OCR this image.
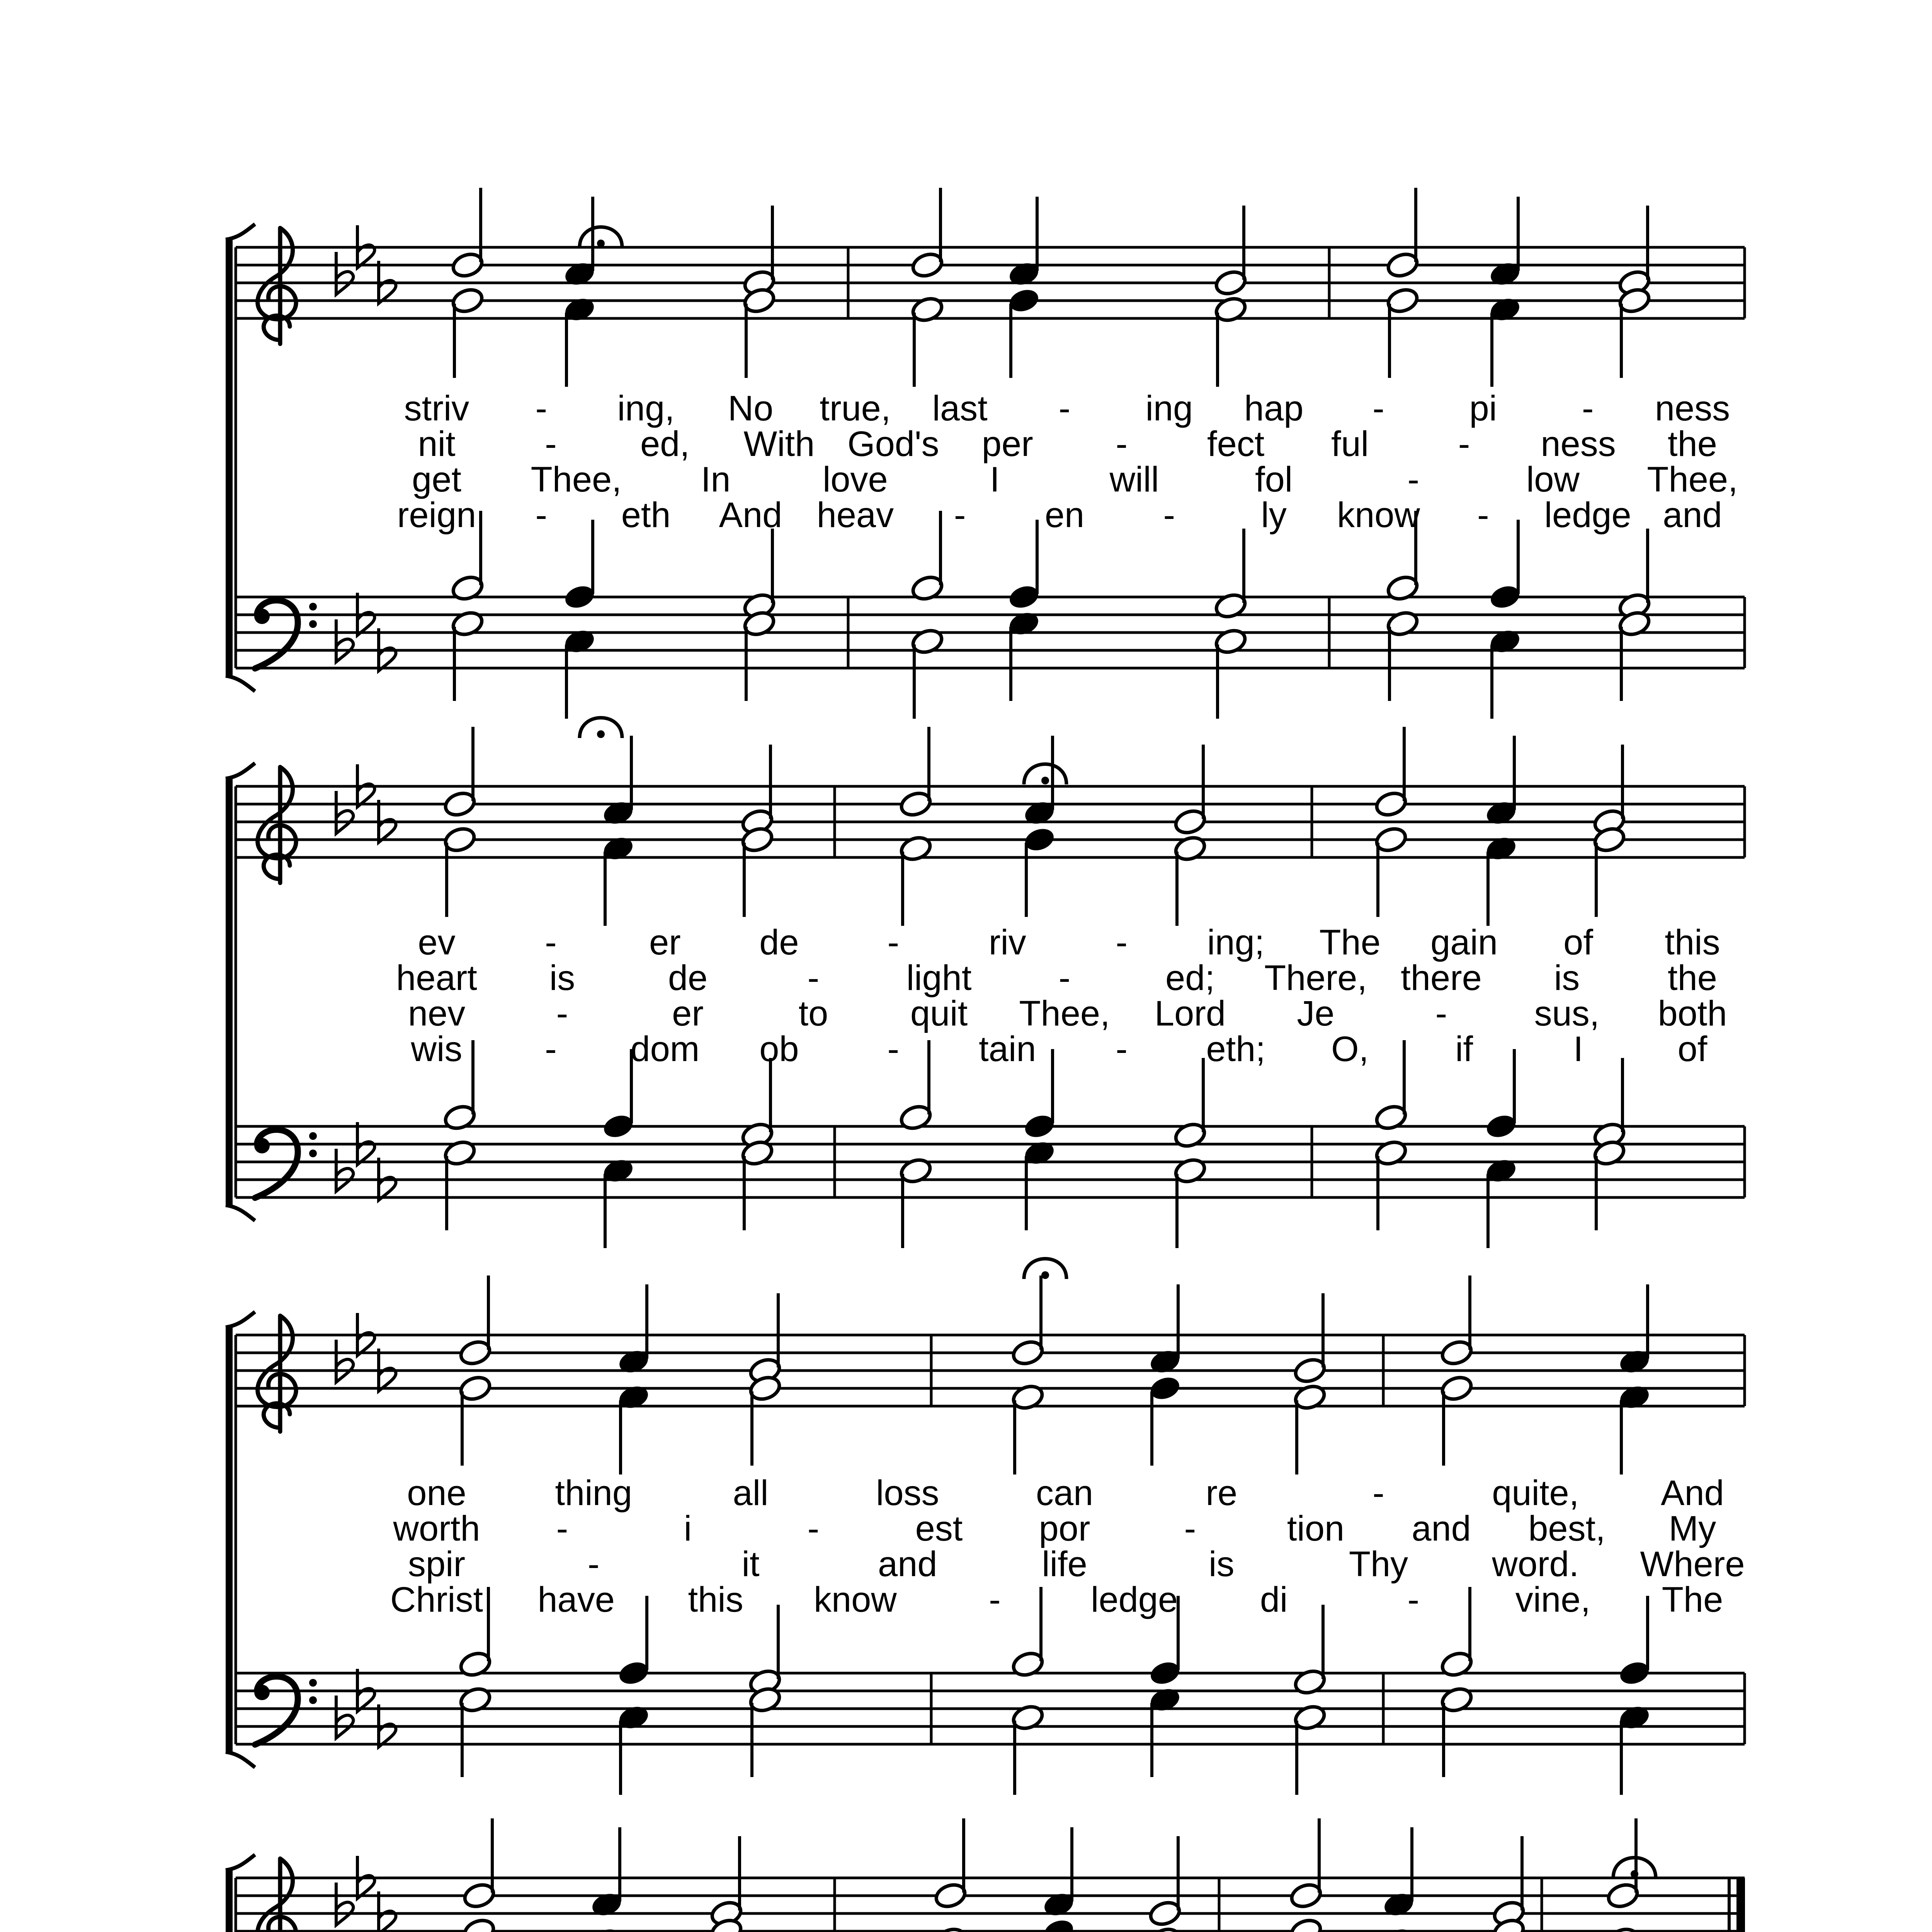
striv - ing, No true, last - ing hap - pi - ness
nit	- ed, With God's per - fect ful	- ness the
get Thee, In	love	I	will	fol	-	low Thee,
reign - eth And heav - en - ly know - ledge and
ev	-	er de -	riv	- ing; The gain of this
heart is	de	- light -	ed; There, there is the
nev	-	er	to quit Thee, Lord Je	- sus, both
wis - dom ob - tain - eth; O, if	I	of
one thing	all	loss	can	re	-	quite, And
worth -	i	-	est por	-	tion and best, My
spir	-	it	and	life	is	Thy word. Where
Christ have this know	-	ledge di	-	vine, The
